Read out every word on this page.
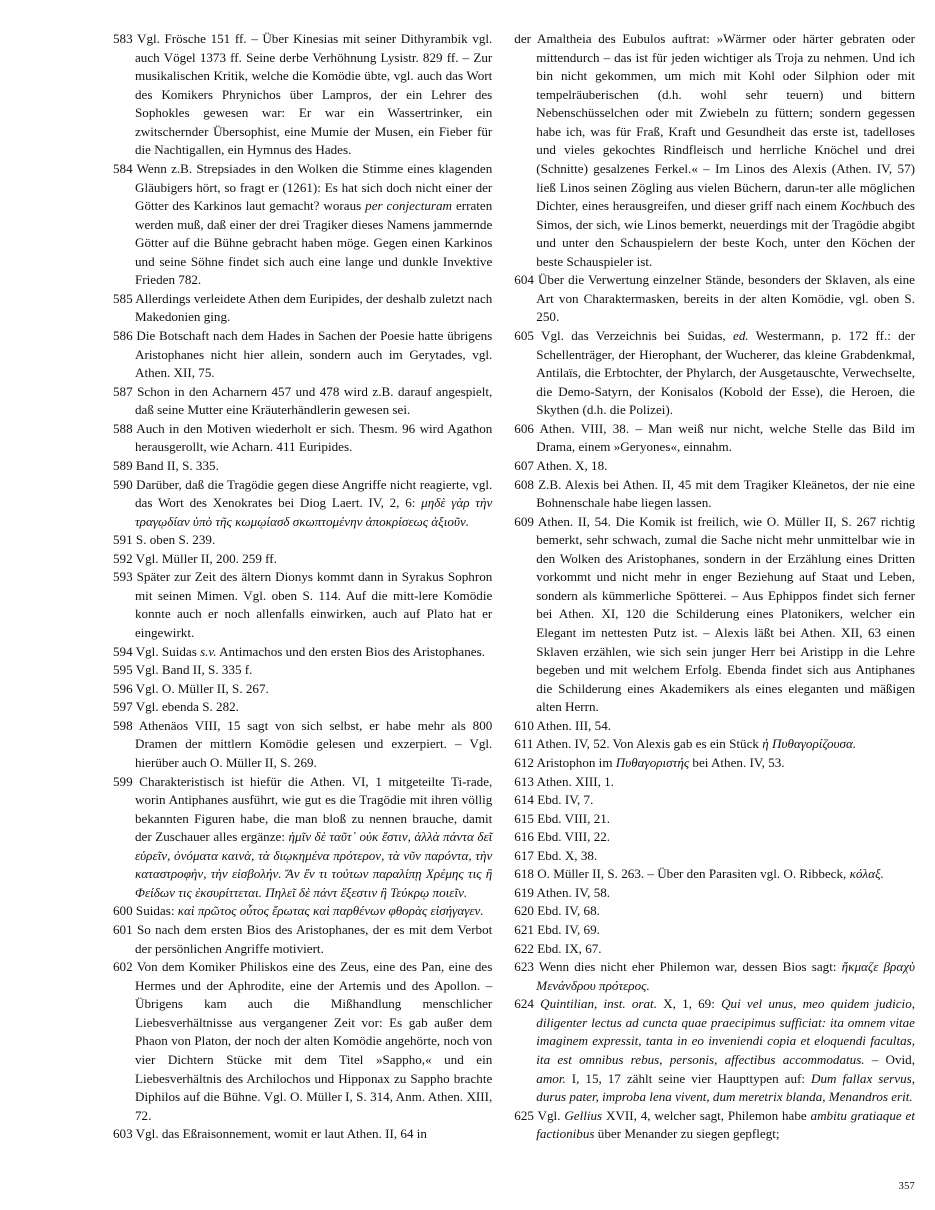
583 Vgl. Frösche 151 ff. – Über Kinesias mit seiner Dithyrambik vgl. auch Vögel 1373 ff. Seine derbe Verhöhnung Lysistr. 829 ff. – Zur musikalischen Kritik, welche die Komödie übte, vgl. auch das Wort des Komikers Phrynichos über Lampros, der ein Lehrer des Sophokles gewesen war: Er war ein Wassertrinker, ein zwitschernder Übersophist, eine Mumie der Musen, ein Fieber für die Nachtigallen, ein Hymnus des Hades.

584 Wenn z.B. Strepsiades in den Wolken die Stimme eines klagenden Gläubigers hört, so fragt er (1261): Es hat sich doch nicht einer der Götter des Karkinos laut gemacht? woraus per conjecturam erraten werden muß, daß einer der drei Tragiker dieses Namens jammernde Götter auf die Bühne gebracht haben möge. Gegen einen Karkinos und seine Söhne findet sich auch eine lange und dunkle Invektive Frieden 782.

585 Allerdings verleidete Athen dem Euripides, der deshalb zuletzt nach Makedonien ging.

586 Die Botschaft nach dem Hades in Sachen der Poesie hatte übrigens Aristophanes nicht hier allein, sondern auch im Gerytades, vgl. Athen. XII, 75.

587 Schon in den Acharnern 457 und 478 wird z.B. darauf angespielt, daß seine Mutter eine Kräuterhändlerin gewesen sei.

588 Auch in den Motiven wiederholt er sich. Thesm. 96 wird Agathon herausgerollt, wie Acharn. 411 Euripides.

589 Band II, S. 335.

590 Darüber, daß die Tragödie gegen diese Angriffe nicht reagierte, vgl. das Wort des Xenokrates bei Diog Laert. IV, 2, 6: μηδὲ γὰρ τὴν τραγῳδίαν ὑπὸ τῆς κωμῳίασδ σκωπτομένην ἀποκρίσεως ἀξιοῦν.

591 S. oben S. 239.

592 Vgl. Müller II, 200. 259 ff.

593 Später zur Zeit des ältern Dionys kommt dann in Syrakus Sophron mit seinen Mimen. Vgl. oben S. 114. Auf die mitt-lere Komödie konnte auch er noch allenfalls einwirken, auch auf Plato hat er eingewirkt.

594 Vgl. Suidas s.v. Antimachos und den ersten Bios des Aristophanes.

595 Vgl. Band II, S. 335 f.

596 Vgl. O. Müller II, S. 267.

597 Vgl. ebenda S. 282.

598 Athenäos VIII, 15 sagt von sich selbst, er habe mehr als 800 Dramen der mittlern Komödie gelesen und exzerpiert. – Vgl. hierüber auch O. Müller II, S. 269.

599 Charakteristisch ist hiefür die Athen. VI, 1 mitgeteilte Ti-rade, worin Antiphanes ausführt, wie gut es die Tragödie mit ihren völlig bekannten Figuren habe, die man bloß zu nennen brauche, damit der Zuschauer alles ergänze: ἡμῖν δὲ ταῦτ᾽ οὐκ ἔστιν, ἀλλὰ πάντα δεῖ εὑρεῖν, ὀνόματα καινὰ, τὰ διῳκημένα πρότερον, τὰ νῦν παρόντα, τὴν καταστροφὴν, τὴν εἰσβολήν. Ἄν ἕν τι τούτων παραλίπῃ Χρέμης τις ἢ Φείδων τις ἐκσυρίττεται. Πηλεῖ δὲ πάντ ἔξεστιν ἢ Τεύκρῳ ποιεῖν.

600 Suidas: καὶ πρῶτος οὗτος ἔρωτας καὶ παρθένων φθορὰς εἰσήγαγεν.

601 So nach dem ersten Bios des Aristophanes, der es mit dem Verbot der persönlichen Angriffe motiviert.

602 Von dem Komiker Philiskos eine des Zeus, eine des Pan, eine des Hermes und der Aphrodite, eine der Artemis und des Apollon. – Übrigens kam auch die Mißhandlung menschlicher Liebesverhältnisse aus vergangener Zeit vor: Es gab außer dem Phaon von Platon, der noch der alten Komödie angehörte, noch von vier Dichtern Stücke mit dem Titel »Sappho,« und ein Liebesverhältnis des Archilochos und Hipponax zu Sappho brachte Diphilos auf die Bühne. Vgl. O. Müller I, S. 314, Anm. Athen. XIII, 72.

603 Vgl. das Eßraisonnement, womit er laut Athen. II, 64 in

der Amaltheia des Eubulos auftrat: »Wärmer oder härter gebraten oder mittendurch – das ist für jeden wichtiger als Troja zu nehmen. Und ich bin nicht gekommen, um mich mit Kohl oder Silphion oder mit tempelräuberischen (d.h. wohl sehr teuern) und bittern Nebenschüsselchen oder mit Zwiebeln zu füttern; sondern gegessen habe ich, was für Fraß, Kraft und Gesundheit das erste ist, tadelloses und vieles gekochtes Rindfleisch und herrliche Knöchel und drei (Schnitte) gesalzenes Ferkel.« – Im Linos des Alexis (Athen. IV, 57) ließ Linos seinen Zögling aus vielen Büchern, darun-ter alle möglichen Dichter, eines herausgreifen, und dieser griff nach einem Kochbuch des Simos, der sich, wie Linos bemerkt, neuerdings mit der Tragödie abgibt und unter den Schauspielern der beste Koch, unter den Köchen der beste Schauspieler ist.

604 Über die Verwertung einzelner Stände, besonders der Sklaven, als eine Art von Charaktermasken, bereits in der alten Komödie, vgl. oben S. 250.

605 Vgl. das Verzeichnis bei Suidas, ed. Westermann, p. 172 ff.: der Schellenträger, der Hierophant, der Wucherer, das kleine Grabdenkmal, Antilaïs, die Erbtochter, der Phylarch, der Ausgetauschte, Verwechselte, die Demo-Satyrn, der Konisalos (Kobold der Esse), die Heroen, die Skythen (d.h. die Polizei).

606 Athen. VIII, 38. – Man weiß nur nicht, welche Stelle das Bild im Drama, einem »Geryones«, einnahm.

607 Athen. X, 18.

608 Z.B. Alexis bei Athen. II, 45 mit dem Tragiker Kleänetos, der nie eine Bohnenschale habe liegen lassen.

609 Athen. II, 54. Die Komik ist freilich, wie O. Müller II, S. 267 richtig bemerkt, sehr schwach, zumal die Sache nicht mehr unmittelbar wie in den Wolken des Aristophanes, sondern in der Erzählung eines Dritten vorkommt und nicht mehr in enger Beziehung auf Staat und Leben, sondern als kümmerliche Spötterei. – Aus Ephippos findet sich ferner bei Athen. XI, 120 die Schilderung eines Platonikers, welcher ein Elegant im nettesten Putz ist. – Alexis läßt bei Athen. XII, 63 einen Sklaven erzählen, wie sich sein junger Herr bei Aristipp in die Lehre begeben und mit welchem Erfolg. Ebenda findet sich aus Antiphanes die Schilderung eines Akademikers als eines eleganten und mäßigen alten Herrn.

610 Athen. III, 54.

611 Athen. IV, 52. Von Alexis gab es ein Stück ἡ Πυθαγορίζουσα.

612 Aristophon im Πυθαγοριστής bei Athen. IV, 53.

613 Athen. XIII, 1.

614 Ebd. IV, 7.

615 Ebd. VIII, 21.

616 Ebd. VIII, 22.

617 Ebd. X, 38.

618 O. Müller II, S. 263. – Über den Parasiten vgl. O. Ribbeck, κόλαξ.

619 Athen. IV, 58.

620 Ebd. IV, 68.

621 Ebd. IV, 69.

622 Ebd. IX, 67.

623 Wenn dies nicht eher Philemon war, dessen Bios sagt: ἤκμαζε βραχὺ Μενάνδρου πρότερος.

624 Quintilian, inst. orat. X, 1, 69: Qui vel unus, meo quidem judicio, diligenter lectus ad cuncta quae praecipimus sufficiat: ita omnem vitae imaginem expressit, tanta in eo inveniendi copia et eloquendi facultas, ita est omnibus rebus, personis, affectibus accommodatus. – Ovid, amor. I, 15, 17 zählt seine vier Haupttypen auf: Dum fallax servus, durus pater, improba lena vivent, dum meretrix blanda, Menandros erit.

625 Vgl. Gellius XVII, 4, welcher sagt, Philemon habe ambitu gratiaque et factionibus über Menander zu siegen gepflegt;

357
